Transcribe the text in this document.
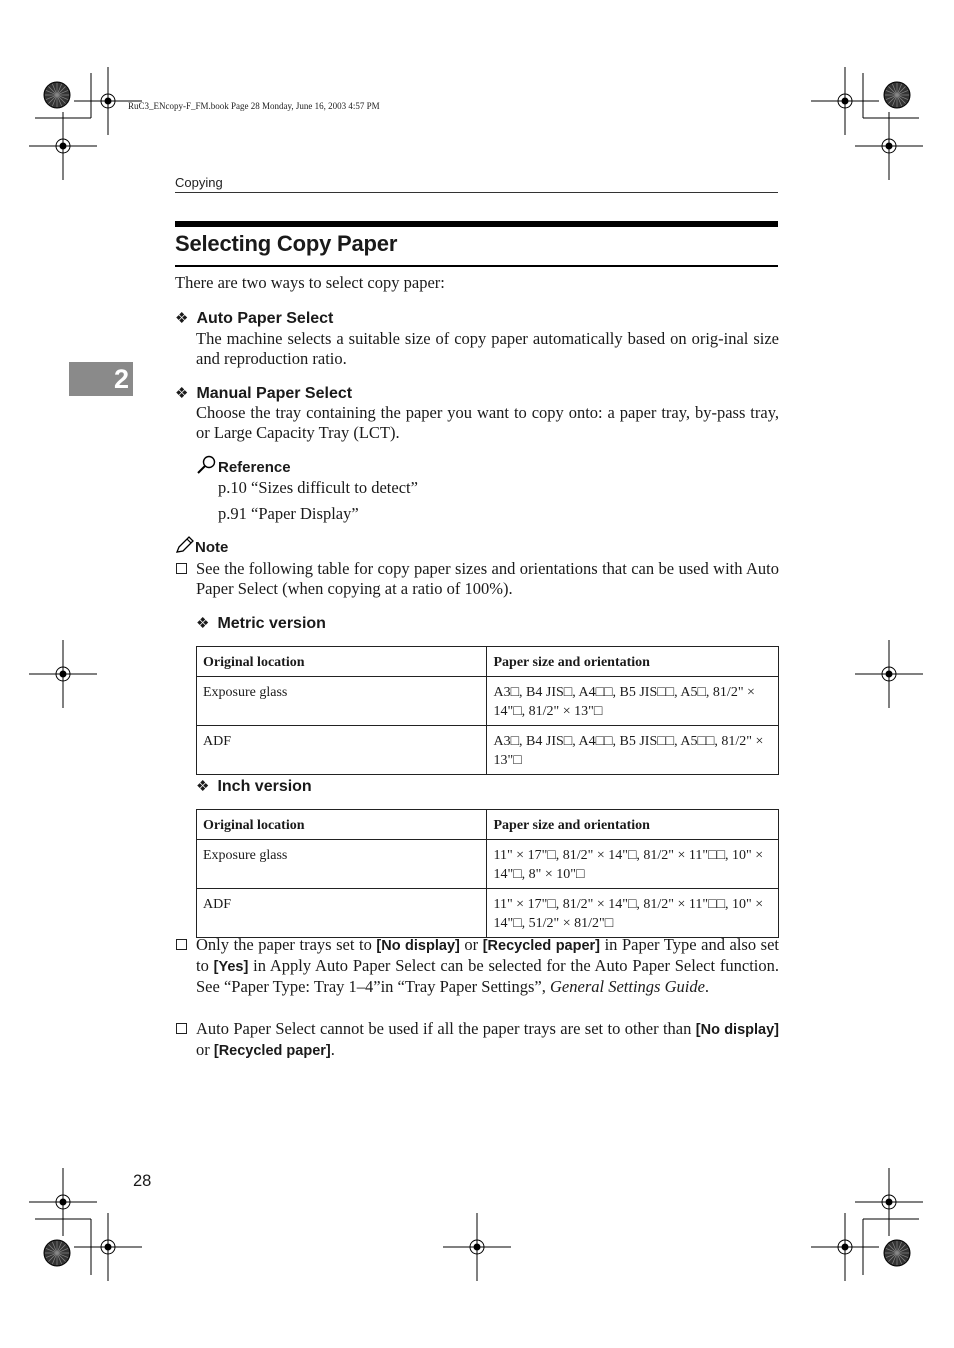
RuC3_ENcopy-F_FM.book Page 28 Monday, June 16, 2003 4:57 PM
Copying
2
Selecting Copy Paper
There are two ways to select copy paper:
❖ Auto Paper Select
The machine selects a suitable size of copy paper automatically based on orig-inal size and reproduction ratio.
❖ Manual Paper Select
Choose the tray containing the paper you want to copy onto: a paper tray, by-pass tray, or Large Capacity Tray (LCT).
Reference
p.10 “Sizes difficult to detect”
p.91 “Paper Display”
Note
See the following table for copy paper sizes and orientations that can be used with Auto Paper Select (when copying at a ratio of 100%).
❖ Metric version
Original location	Paper size and orientation
Exposure glass	A3□, B4 JIS□, A4□□, B5 JIS□□, A5□, 81/2" × 14"□, 81/2" × 13"□
ADF	A3□, B4 JIS□, A4□□, B5 JIS□□, A5□□, 81/2" × 13"□
❖ Inch version
Original location	Paper size and orientation
Exposure glass	11" × 17"□, 81/2" × 14"□, 81/2" × 11"□□, 10" × 14"□, 8" × 10"□
ADF	11" × 17"□, 81/2" × 14"□, 81/2" × 11"□□, 10" × 14"□, 51/2" × 81/2"□
Only the paper trays set to [No display] or [Recycled paper] in Paper Type and also set to [Yes] in Apply Auto Paper Select can be selected for the Auto Paper Select function. See “Paper Type: Tray 1–4”in “Tray Paper Settings”, General Settings Guide.
Auto Paper Select cannot be used if all the paper trays are set to other than [No display] or [Recycled paper].
28
